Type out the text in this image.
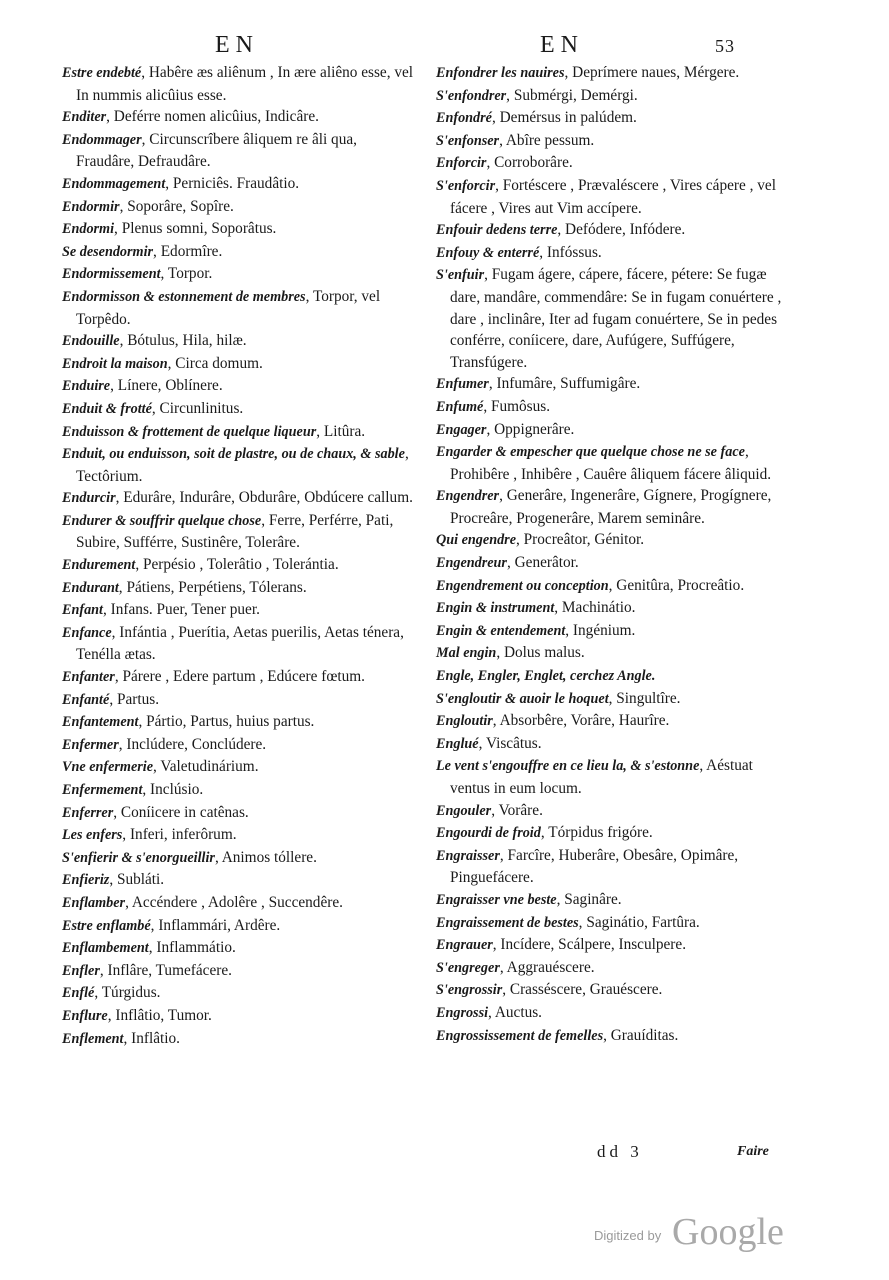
EN	EN	53

Estre endebté, Habêre æs aliênum , In ære aliêno esse, vel In nummis alicûius esse.

Enditer, Deférre nomen alicûius, Indicâre.

Endommager, Circunscrîbere âliquem re âli qua, Fraudâre, Defraudâre.

Endommagement, Perniciês. Fraudâtio.

Endormir, Soporâre, Sopîre.

Endormi, Plenus somni, Soporâtus.

Se desendormir, Edormîre.

Endormissement, Torpor.

Endormisson & estonnement de membres, Torpor, vel Torpêdo.

Endouille, Bótulus, Hila, hilæ.

Endroit la maison, Circa domum.

Enduire, Línere, Oblínere.

Enduit & frotté, Circunlinitus.

Enduisson & frottement de quelque liqueur, Litûra.

Enduit, ou enduisson, soit de plastre, ou de chaux, & sable, Tectôrium.

Endurcir, Edurâre, Indurâre, Obdurâre, Obdúcere callum.

Endurer & souffrir quelque chose, Ferre, Perférre, Pati, Subire, Sufférre, Sustinêre, Tolerâre.

Endurement, Perpésio , Tolerâtio , Tolerántia.

Endurant, Pátiens, Perpétiens, Tólerans.

Enfant, Infans. Puer, Tener puer.

Enfance, Infántia , Puerítia, Aetas puerilis, Aetas ténera, Tenélla ætas.

Enfanter, Párere , Edere partum , Edúcere fœtum.

Enfanté, Partus.

Enfantement, Pártio, Partus, huius partus.

Enfermer, Inclúdere, Conclúdere.

Vne enfermerie, Valetudinárium.

Enfermement, Inclúsio.

Enferrer, Coníicere in catênas.

Les enfers, Inferi, inferôrum.

S'enfierir & s'enorgueillir, Animos tóllere.

Enfieriz, Subláti.

Enflamber, Accéndere , Adolêre , Succendêre.

Estre enflambé, Inflammári, Ardêre.

Enflambement, Inflammátio.

Enfler, Inflâre, Tumefácere.

Enflé, Túrgidus.

Enflure, Inflâtio, Tumor.

Enflement, Inflâtio.

Enfondrer les nauires, Deprímere naues, Mérgere.

S'enfondrer, Submérgi, Demérgi.

Enfondré, Demérsus in palúdem.

S'enfonser, Abîre pessum.

Enforcir, Corroborâre.

S'enforcir, Fortéscere , Prævaléscere , Vires cápere , vel fácere , Vires aut Vim accípere.

Enfouir dedens terre, Defódere, Infódere.

Enfouy & enterré, Infóssus.

S'enfuir, Fugam ágere, cápere, fácere, pétere: Se fugæ dare, mandâre, commendâre: Se in fugam conuértere , dare , inclinâre, Iter ad fugam conuértere, Se in pedes conférre, coníicere, dare, Aufúgere, Suffúgere, Transfúgere.

Enfumer, Infumâre, Suffumigâre.

Enfumé, Fumôsus.

Engager, Oppignerâre.

Engarder & empescher que quelque chose ne se face, Prohibêre , Inhibêre , Cauêre âliquem fácere âliquid.

Engendrer, Generâre, Ingenerâre, Gígnere, Progígnere, Procreâre, Progenerâre, Marem seminâre.

Qui engendre, Procreâtor, Génitor.

Engendreur, Generâtor.

Engendrement ou conception, Genitûra, Procreâtio.

Engin & instrument, Machinátio.

Engin & entendement, Ingénium.

Mal engin, Dolus malus.

Engle, Engler, Englet, cerchez Angle.

S'engloutir & auoir le hoquet, Singultîre.

Engloutir, Absorbêre, Vorâre, Haurîre.

Englué, Viscâtus.

Le vent s'engouffre en ce lieu la, & s'estonne, Aéstuat ventus in eum locum.

Engouler, Vorâre.

Engourdi de froid, Tórpidus frigóre.

Engraisser, Farcîre, Huberâre, Obesâre, Opimâre, Pinguefácere.

Engraisser vne beste, Saginâre.

Engraissement de bestes, Saginátio, Fartûra.

Engrauer, Incídere, Scálpere, Insculpere.

S'engreger, Aggrauéscere.

S'engrossir, Crasséscere, Grauéscere.

Engrossi, Auctus.

Engrossissement de femelles, Grauíditas.

dd 3	Faire
Digitized by Google
